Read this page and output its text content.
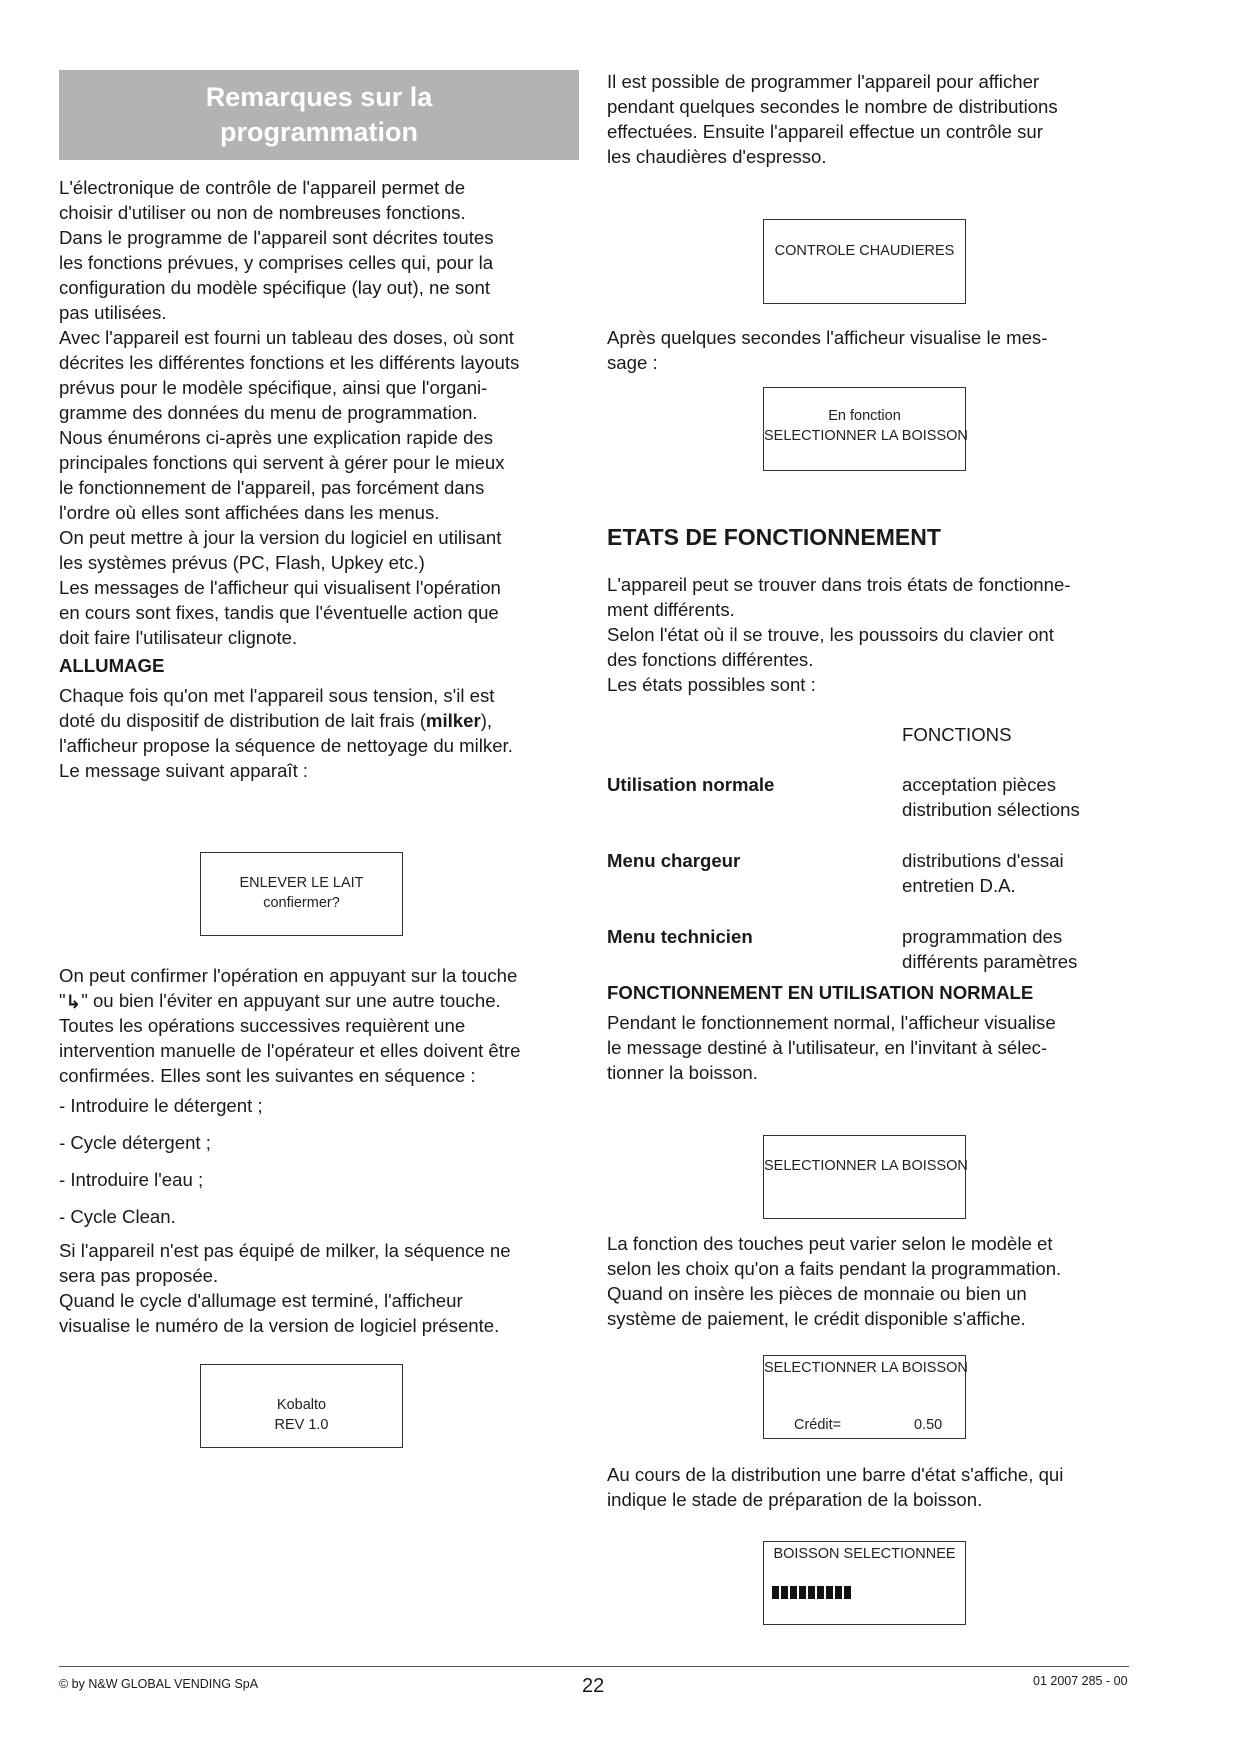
Remarques sur la
programmation

L'électronique de contrôle de l'appareil permet de
choisir d'utiliser ou non de nombreuses fonctions.
Dans le programme de l'appareil sont décrites toutes
les fonctions prévues, y comprises celles qui, pour la
configuration du modèle spécifique (lay out), ne sont
pas utilisées.
Avec l'appareil est fourni un tableau des doses, où sont
décrites les différentes fonctions et les différents layouts
prévus pour le modèle spécifique, ainsi que l'organi-
gramme des données du menu de programmation.
Nous énumérons ci-après une explication rapide des
principales fonctions qui servent à gérer pour le mieux
le fonctionnement de l'appareil, pas forcément dans
l'ordre où elles sont affichées dans les menus.
On peut mettre à jour la version du logiciel en utilisant
les systèmes prévus (PC, Flash, Upkey etc.)
Les messages de l'afficheur qui visualisent l'opération
en cours sont fixes, tandis que l'éventuelle action que
doit faire l'utilisateur clignote.

ALLUMAGE

Chaque fois qu'on met l'appareil sous tension, s'il est
doté du dispositif de distribution de lait frais (milker),
l'afficheur propose la séquence de nettoyage du milker.
Le message suivant apparaît :

ENLEVER LE LAIT
confiermer?

On peut confirmer l'opération en appuyant sur la touche
"↳" ou bien l'éviter en appuyant sur une autre touche.
Toutes les opérations successives requièrent une
intervention manuelle de l'opérateur et elles doivent être
confirmées. Elles sont les suivantes en séquence :

- Introduire le détergent ;
- Cycle détergent ;
- Introduire l'eau ;
- Cycle Clean.

Si l'appareil n'est pas équipé de milker, la séquence ne
sera pas proposée.
Quand le cycle d'allumage est terminé, l'afficheur
visualise le numéro de la version de logiciel présente.

Kobalto
REV 1.0

Il est possible de programmer l'appareil pour afficher
pendant quelques secondes le nombre de distributions
effectuées. Ensuite l'appareil effectue un contrôle sur
les chaudières d'espresso.

CONTROLE CHAUDIERES

Après quelques secondes l'afficheur visualise le mes-
sage :

En fonction
SELECTIONNER LA BOISSON
ETATS DE FONCTIONNEMENT

L'appareil peut se trouver dans trois états de fonctionne-
ment différents.
Selon l'état où il se trouve, les poussoirs du clavier ont
des fonctions différentes.
Les états possibles sont :

FONCTIONS
Utilisation normale	acceptation pièces
distribution sélections
Menu chargeur	distributions d'essai
entretien D.A.
Menu technicien	programmation des
différents paramètres
FONCTIONNEMENT EN UTILISATION NORMALE

Pendant le fonctionnement normal, l'afficheur visualise
le message destiné à l'utilisateur, en l'invitant à sélec-
tionner la boisson.

SELECTIONNER LA BOISSON

La fonction des touches peut varier selon le modèle et
selon les choix qu'on a faits pendant la programmation.
Quand on insère les pièces de monnaie ou bien un
système de paiement, le crédit disponible s'affiche.

SELECTIONNER LA BOISSON
Crédit=	0.50

Au cours de la distribution une barre d'état s'affiche, qui
indique le stade de préparation de la boisson.

BOISSON SELECTIONNEE
© by N&W GLOBAL VENDING SpA	22	01 2007 285 - 00
